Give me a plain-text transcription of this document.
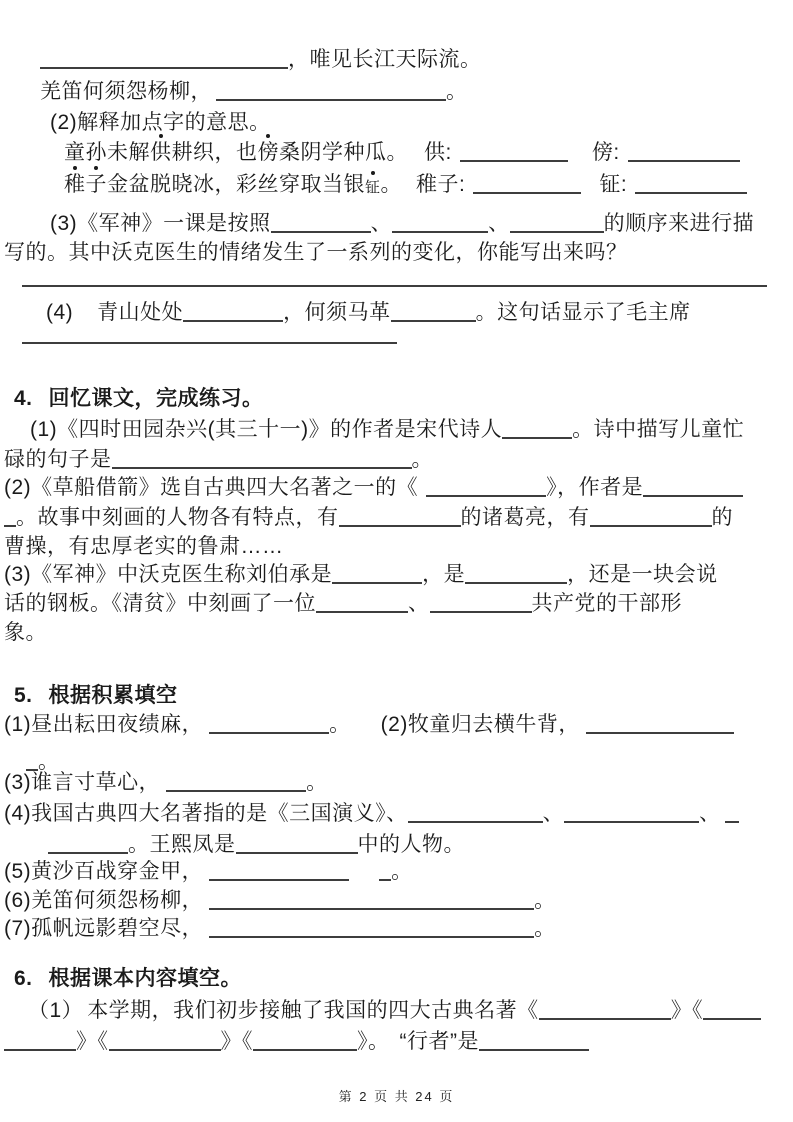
，唯见长江天际流。
羌笛何须怨杨柳，	。
(2)解释加点字的意思。
童孙未解供耕织，也傍桑阴学种瓜。 供:	傍:
稚子金盆脱晓冰，彩丝穿取当银钲。 稚子:	钲:
(3)《军神》一课是按照	、	、	的顺序来进行描
写的。其中沃克医生的情绪发生了一系列的变化，你能写出来吗？
(4) 青山处处	，何须马革	。这句话显示了毛主席
4. 回忆课文，完成练习。
(1)《四时田园杂兴(其三十一)》的作者是宋代诗人	。诗中描写儿童忙
碌的句子是	。
(2)《草船借箭》选自古典四大名著之一的《	》，作者是
。故事中刻画的人物各有特点，有	的诸葛亮，有	的
曹操，有忠厚老实的鲁肃……
(3)《军神》中沃克医生称刘伯承是	，是	，还是一块会说
话的钢板。《清贫》中刻画了一位	、	共产党的干部形
象。
5. 根据积累填空
(1)昼出耘田夜绩麻，	。 (2)牧童归去横牛背，
。
(3)谁言寸草心，	。
(4)我国古典四大名著指的是《三国演义》、	、	、
。王熙凤是	中的人物。
(5)黄沙百战穿金甲，	。
(6)羌笛何须怨杨柳，	。
(7)孤帆远影碧空尽，	。
6. 根据课本内容填空。
（1） 本学期，我们初步接触了我国的四大古典名著《	》《
》《	》《	》。 “行者”是
第 2 页 共 24 页
